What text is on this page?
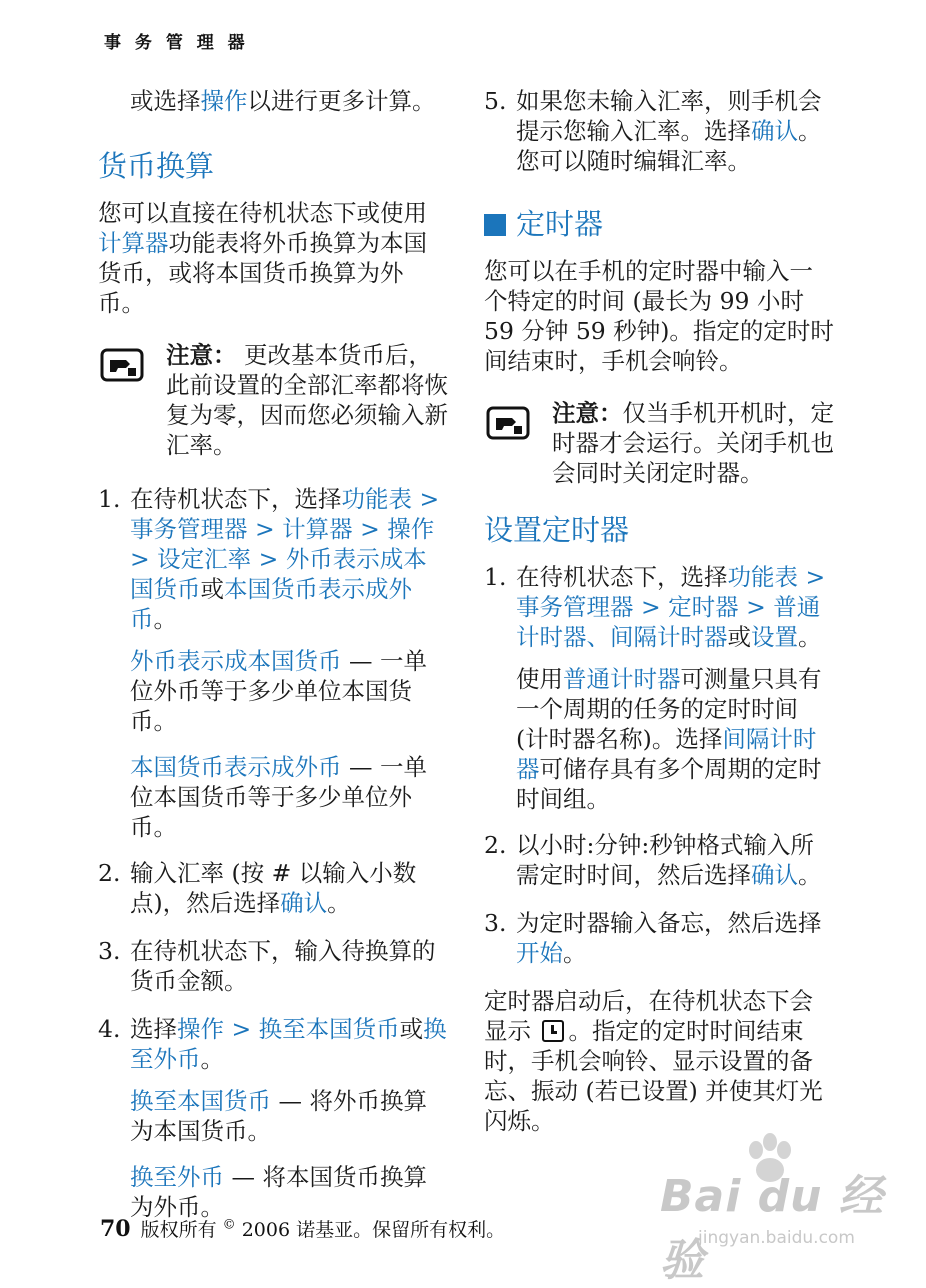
事 务 管 理 器

或选择操作以进行更多计算。

货币换算

您可以直接在待机状态下或使用计算器功能表将外币换算为本国货币，或将本国货币换算为外币。

注意： 更改基本货币后，此前设置的全部汇率都将恢复为零，因而您必须输入新汇率。

1. 在待机状态下，选择功能表 > 事务管理器 > 计算器 > 操作 > 设定汇率 > 外币表示成本国货币或本国货币表示成外币。

外币表示成本国货币 — 一单位外币等于多少单位本国货币。

本国货币表示成外币 — 一单位本国货币等于多少单位外币。

2. 输入汇率 (按 # 以输入小数点)，然后选择确认。

3. 在待机状态下，输入待换算的货币金额。

4. 选择操作 > 换至本国货币或换至外币。

换至本国货币 — 将外币换算为本国货币。

换至外币 — 将本国货币换算为外币。

5. 如果您未输入汇率，则手机会提示您输入汇率。选择确认。您可以随时编辑汇率。

定时器

您可以在手机的定时器中输入一个特定的时间 (最长为 99 小时 59 分钟 59 秒钟)。指定的定时时间结束时，手机会响铃。

注意：仅当手机开机时，定时器才会运行。关闭手机也会同时关闭定时器。

设置定时器

1. 在待机状态下，选择功能表 > 事务管理器 > 定时器 > 普通计时器、间隔计时器或设置。

使用普通计时器可测量只具有一个周期的任务的定时时间 (计时器名称)。选择间隔计时器可储存具有多个周期的定时时间组。

2. 以小时:分钟:秒钟格式输入所需定时时间，然后选择确认。

3. 为定时器输入备忘，然后选择开始。

定时器启动后，在待机状态下会显示 。指定的定时时间结束时，手机会响铃、显示设置的备忘、振动 (若已设置) 并使其灯光闪烁。

70 版权所有 © 2006 诺基亚。保留所有权利。
Bai du 经验
jingyan.baidu.com
